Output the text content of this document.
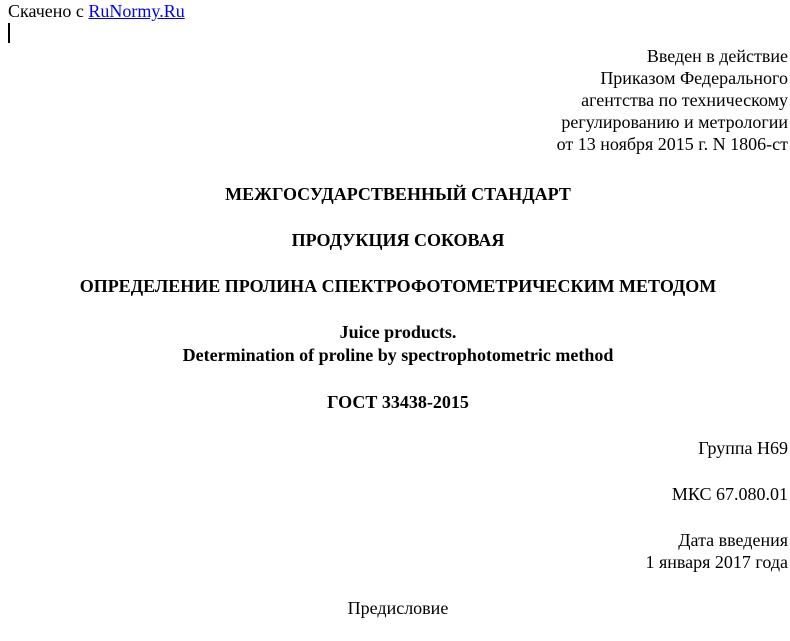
Скачено с RuNormy.Ru
Введен в действие
Приказом Федерального
агентства по техническому
регулированию и метрологии
от 13 ноября 2015 г. N 1806-ст
МЕЖГОСУДАРСТВЕННЫЙ СТАНДАРТ
ПРОДУКЦИЯ СОКОВАЯ
ОПРЕДЕЛЕНИЕ ПРОЛИНА СПЕКТРОФОТОМЕТРИЧЕСКИМ МЕТОДОМ
Juice products.
Determination of proline by spectrophotometric method
ГОСТ 33438-2015
Группа Н69
МКС 67.080.01
Дата введения
1 января 2017 года
Предисловие
